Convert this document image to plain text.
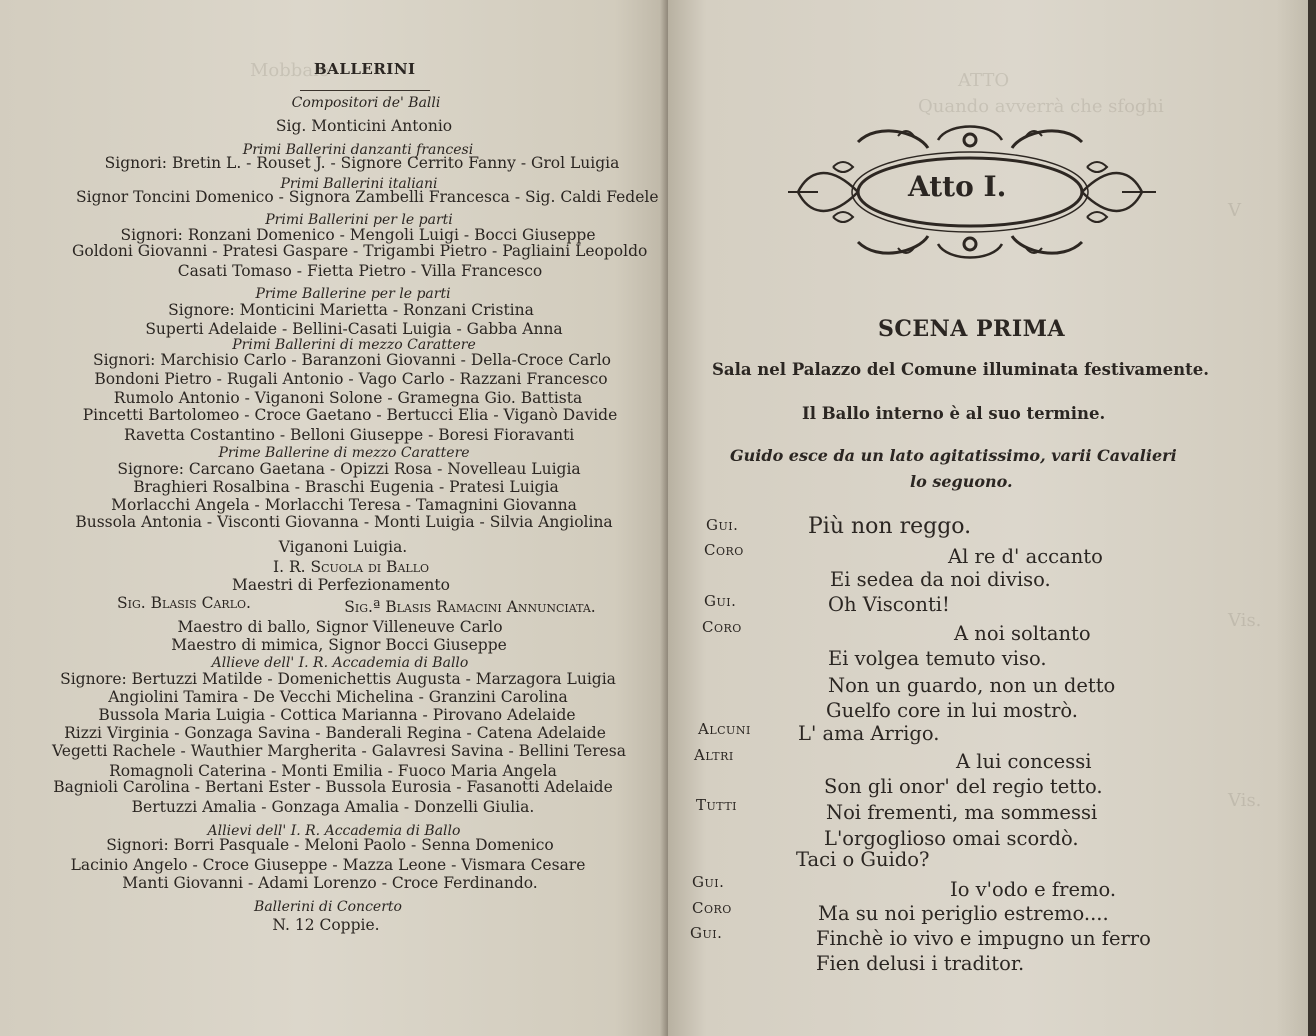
Mobbalo
BALLERINI
Compositori de' Balli
Sig. Monticini Antonio
Primi Ballerini danzanti francesi
Signori: Bretin L. - Rouset J. - Signore Cerrito Fanny - Grol Luigia
Primi Ballerini italiani
Signor Toncini Domenico - Signora Zambelli Francesca - Sig. Caldi Fedele
Primi Ballerini per le parti
Signori: Ronzani Domenico - Mengoli Luigi - Bocci Giuseppe
Goldoni Giovanni - Pratesi Gaspare - Trigambi Pietro - Pagliaini Leopoldo
Casati Tomaso - Fietta Pietro - Villa Francesco
Prime Ballerine per le parti
Signore: Monticini Marietta - Ronzani Cristina
Superti Adelaide - Bellini-Casati Luigia - Gabba Anna
Primi Ballerini di mezzo Carattere
Signori: Marchisio Carlo - Baranzoni Giovanni - Della-Croce Carlo
Bondoni Pietro - Rugali Antonio - Vago Carlo - Razzani Francesco
Rumolo Antonio - Viganoni Solone - Gramegna Gio. Battista
Pincetti Bartolomeo - Croce Gaetano - Bertucci Elia - Viganò Davide
Ravetta Costantino - Belloni Giuseppe - Boresi Fioravanti
Prime Ballerine di mezzo Carattere
Signore: Carcano Gaetana - Opizzi Rosa - Novelleau Luigia
Braghieri Rosalbina - Braschi Eugenia - Pratesi Luigia
Morlacchi Angela - Morlacchi Teresa - Tamagnini Giovanna
Bussola Antonia - Visconti Giovanna - Monti Luigia - Silvia Angiolina
Viganoni Luigia.
I. R. Scuola di Ballo
Maestri di Perfezionamento
Sig. Blasis Carlo.	Sig.ª Blasis Ramacini Annunciata.
Maestro di ballo, Signor Villeneuve Carlo
Maestro di mimica, Signor Bocci Giuseppe
Allieve dell' I. R. Accademia di Ballo
Signore: Bertuzzi Matilde - Domenichettis Augusta - Marzagora Luigia
Angiolini Tamira - De Vecchi Michelina - Granzini Carolina
Bussola Maria Luigia - Cottica Marianna - Pirovano Adelaide
Rizzi Virginia - Gonzaga Savina - Banderali Regina - Catena Adelaide
Vegetti Rachele - Wauthier Margherita - Galavresi Savina - Bellini Teresa
Romagnoli Caterina - Monti Emilia - Fuoco Maria Angela
Bagnioli Carolina - Bertani Ester - Bussola Eurosia - Fasanotti Adelaide
Bertuzzi Amalia - Gonzaga Amalia - Donzelli Giulia.
Allievi dell' I. R. Accademia di Ballo
Signori: Borri Pasquale - Meloni Paolo - Senna Domenico
Lacinio Angelo - Croce Giuseppe - Mazza Leone - Vismara Cesare
Manti Giovanni - Adami Lorenzo - Croce Ferdinando.
Ballerini di Concerto
N. 12 Coppie.
ATTO
Quando avverrà che sfoghi
V
Vis.
Vis.
Atto I.
SCENA PRIMA
Sala nel Palazzo del Comune illuminata festivamente.
Il Ballo interno è al suo termine.
Guido esce da un lato agitatissimo, varii Cavalieri
lo seguono.
Gui.
Coro
Gui.
Coro
Alcuni
Altri
Tutti
Gui.
Coro
Gui.
Più non reggo.
Al re d' accanto
Ei sedea da noi diviso.
Oh Visconti!
A noi soltanto
Ei volgea temuto viso.
Non un guardo, non un detto
Guelfo core in lui mostrò.
L' ama Arrigo.
A lui concessi
Son gli onor' del regio tetto.
Noi frementi, ma sommessi
L'orgoglioso omai scordò.
Taci o Guido?
Io v'odo e fremo.
Ma su noi periglio estremo....
Finchè io vivo e impugno un ferro
Fien delusi i traditor.
